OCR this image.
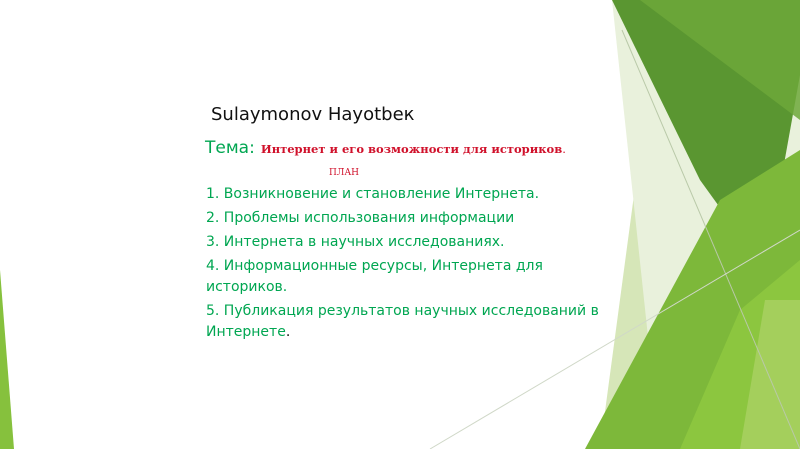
Sulaymonov Hayotbeк
Тема: Интернет и его возможности для историков.
ПЛАН
1. Возникновение и становление Интернета.
2. Проблемы использования информации
3. Интернета в научных исследованиях.
4. Информационные ресурсы, Интернета для историков.
5. Публикация результатов научных исследований в Интернете.
